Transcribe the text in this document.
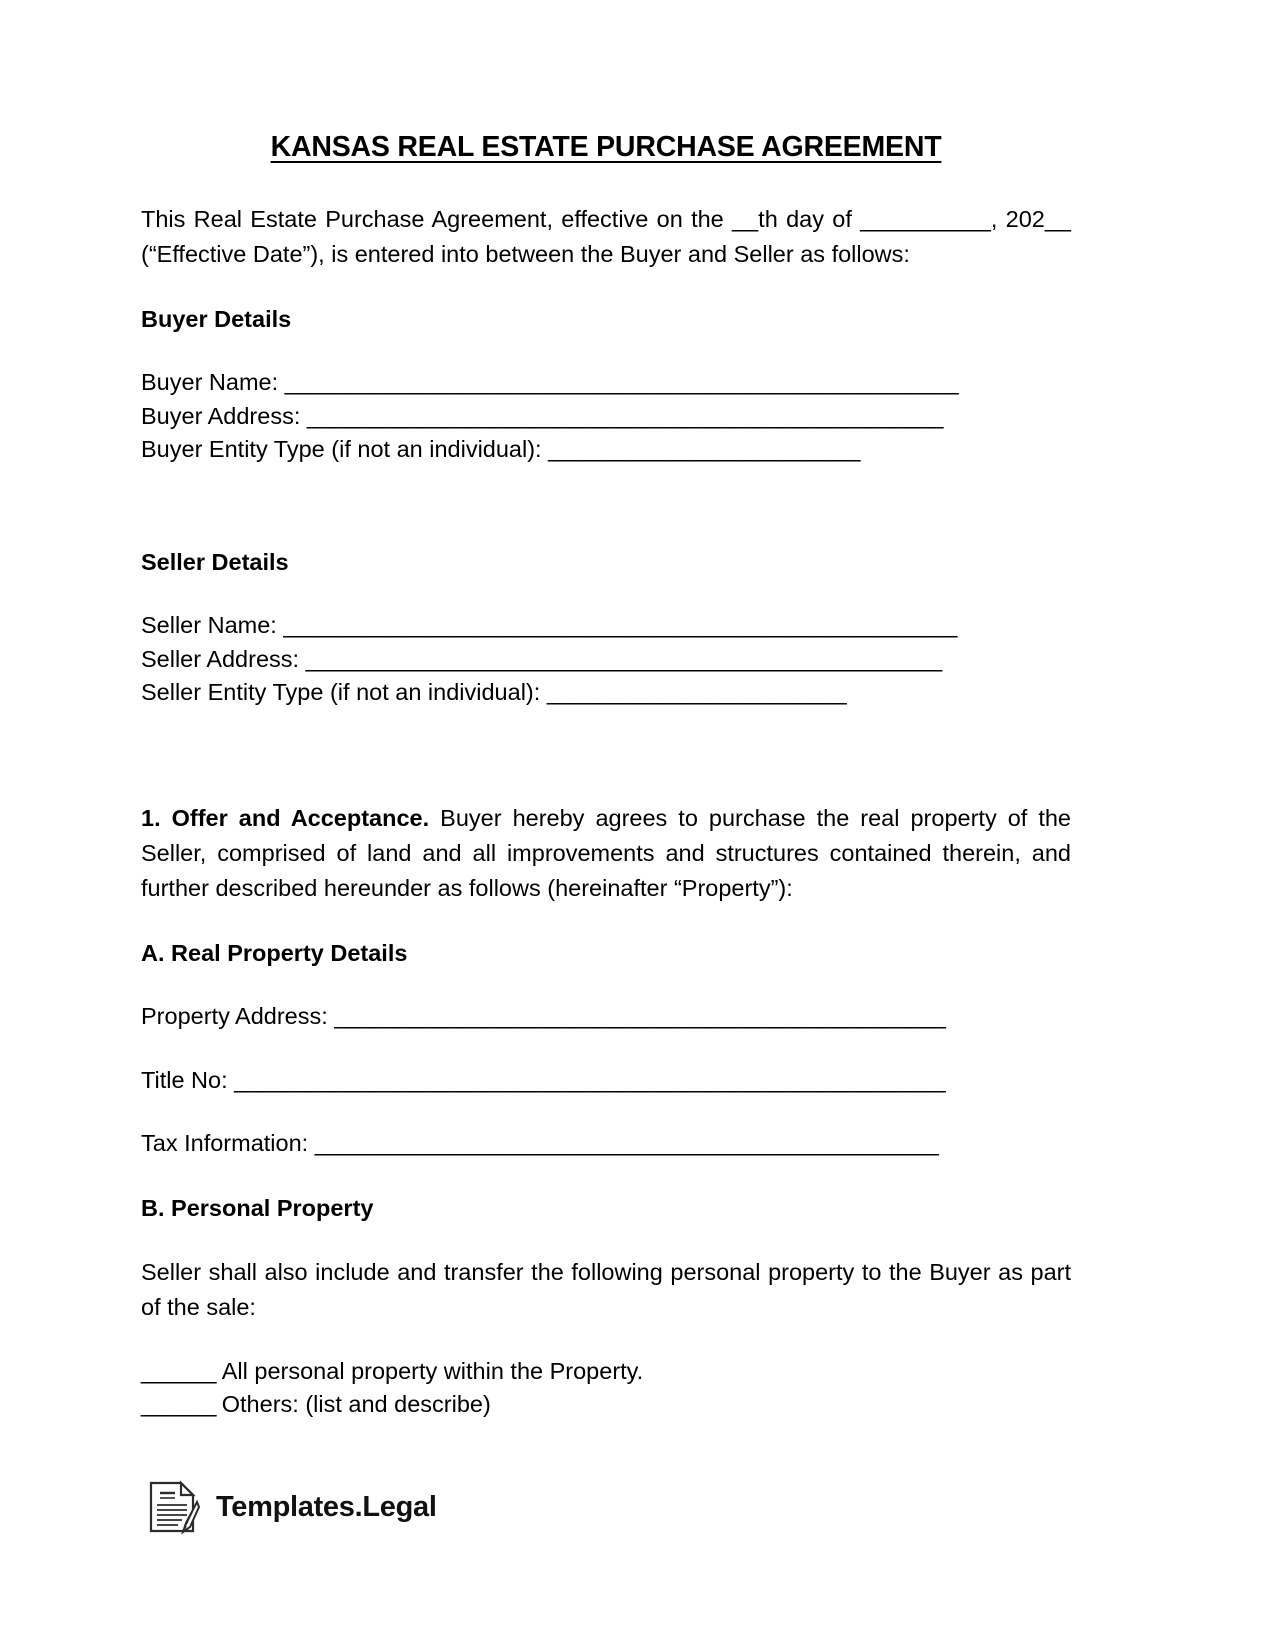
KANSAS REAL ESTATE PURCHASE AGREEMENT

This Real Estate Purchase Agreement, effective on the __th day of __________, 202__ (“Effective Date”), is entered into between the Buyer and Seller as follows:

Buyer Details

Buyer Name: ______________________________________________________

Buyer Address: ___________________________________________________

Buyer Entity Type (if not an individual): _________________________

Seller Details

Seller Name: ______________________________________________________

Seller Address: ___________________________________________________

Seller Entity Type (if not an individual): ________________________

1. Offer and Acceptance. Buyer hereby agrees to purchase the real property of the Seller, comprised of land and all improvements and structures contained therein, and further described hereunder as follows (hereinafter “Property”):

A. Real Property Details

Property Address: _________________________________________________

Title No: _________________________________________________________

Tax Information: __________________________________________________

B. Personal Property

Seller shall also include and transfer the following personal property to the Buyer as part of the sale:

______ All personal property within the Property.

______ Others: (list and describe)

Templates.Legal
